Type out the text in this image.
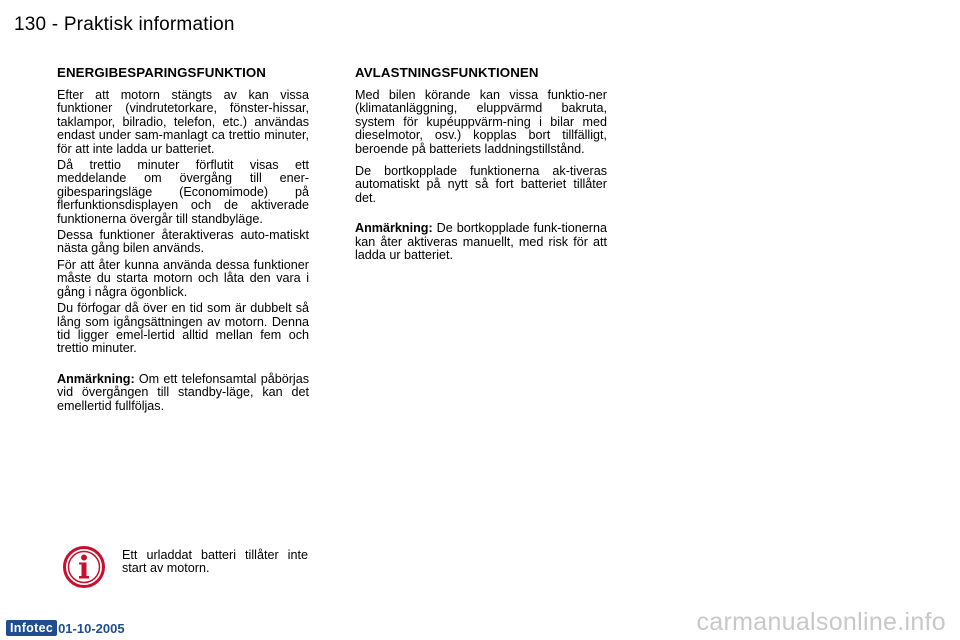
130 - Praktisk information
ENERGIBESPARINGSFUNKTION

Efter att motorn stängts av kan vissa funktioner (vindrutetorkare, fönster-hissar, taklampor, bilradio, telefon, etc.) användas endast under sam-manlagt ca trettio minuter, för att inte ladda ur batteriet.

Då trettio minuter förflutit visas ett meddelande om övergång till ener-gibesparingsläge (Economimode) på flerfunktionsdisplayen och de aktiverade funktionerna övergår till standbyläge.

Dessa funktioner återaktiveras auto-matiskt nästa gång bilen används.

För att åter kunna använda dessa funktioner måste du starta motorn och låta den vara i gång i några ögonblick.

Du förfogar då över en tid som är dubbelt så lång som igångsättningen av motorn. Denna tid ligger emel-lertid alltid mellan fem och trettio minuter.

Anmärkning: Om ett telefonsamtal påbörjas vid övergången till standby-läge, kan det emellertid fullföljas.

AVLASTNINGSFUNKTIONEN

Med bilen körande kan vissa funktio-ner (klimatanläggning, eluppvärmd bakruta, system för kupéuppvärm-ning i bilar med dieselmotor, osv.) kopplas bort tillfälligt, beroende på batteriets laddningstillstånd.

De bortkopplade funktionerna ak-tiveras automatiskt på nytt så fort batteriet tillåter det.

Anmärkning: De bortkopplade funk-tionerna kan åter aktiveras manuellt, med risk för att ladda ur batteriet.

Ett urladdat batteri tillåter inte start av motorn.
Infotec 01-10-2005	carmanualsonline.info
